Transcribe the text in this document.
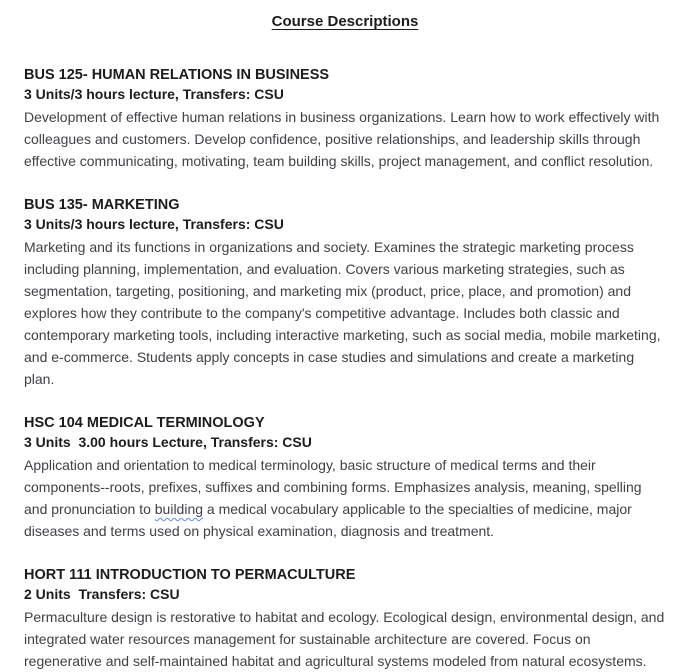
Course Descriptions

BUS 125- HUMAN RELATIONS IN BUSINESS

3 Units/3 hours lecture, Transfers: CSU

Development of effective human relations in business organizations. Learn how to work effectively with colleagues and customers. Develop confidence, positive relationships, and leadership skills through effective communicating, motivating, team building skills, project management, and conflict resolution.

BUS 135- MARKETING

3 Units/3 hours lecture, Transfers: CSU

Marketing and its functions in organizations and society. Examines the strategic marketing process including planning, implementation, and evaluation. Covers various marketing strategies, such as segmentation, targeting, positioning, and marketing mix (product, price, place, and promotion) and explores how they contribute to the company's competitive advantage. Includes both classic and contemporary marketing tools, including interactive marketing, such as social media, mobile marketing, and e-commerce. Students apply concepts in case studies and simulations and create a marketing plan.

HSC 104 MEDICAL TERMINOLOGY

3 Units  3.00 hours Lecture, Transfers: CSU

Application and orientation to medical terminology, basic structure of medical terms and their components--roots, prefixes, suffixes and combining forms. Emphasizes analysis, meaning, spelling and pronunciation to building a medical vocabulary applicable to the specialties of medicine, major diseases and terms used on physical examination, diagnosis and treatment.

HORT 111 INTRODUCTION TO PERMACULTURE

2 Units  Transfers: CSU

Permaculture design is restorative to habitat and ecology. Ecological design, environmental design, and integrated water resources management for sustainable architecture are covered. Focus on regenerative and self-maintained habitat and agricultural systems modeled from natural ecosystems.
